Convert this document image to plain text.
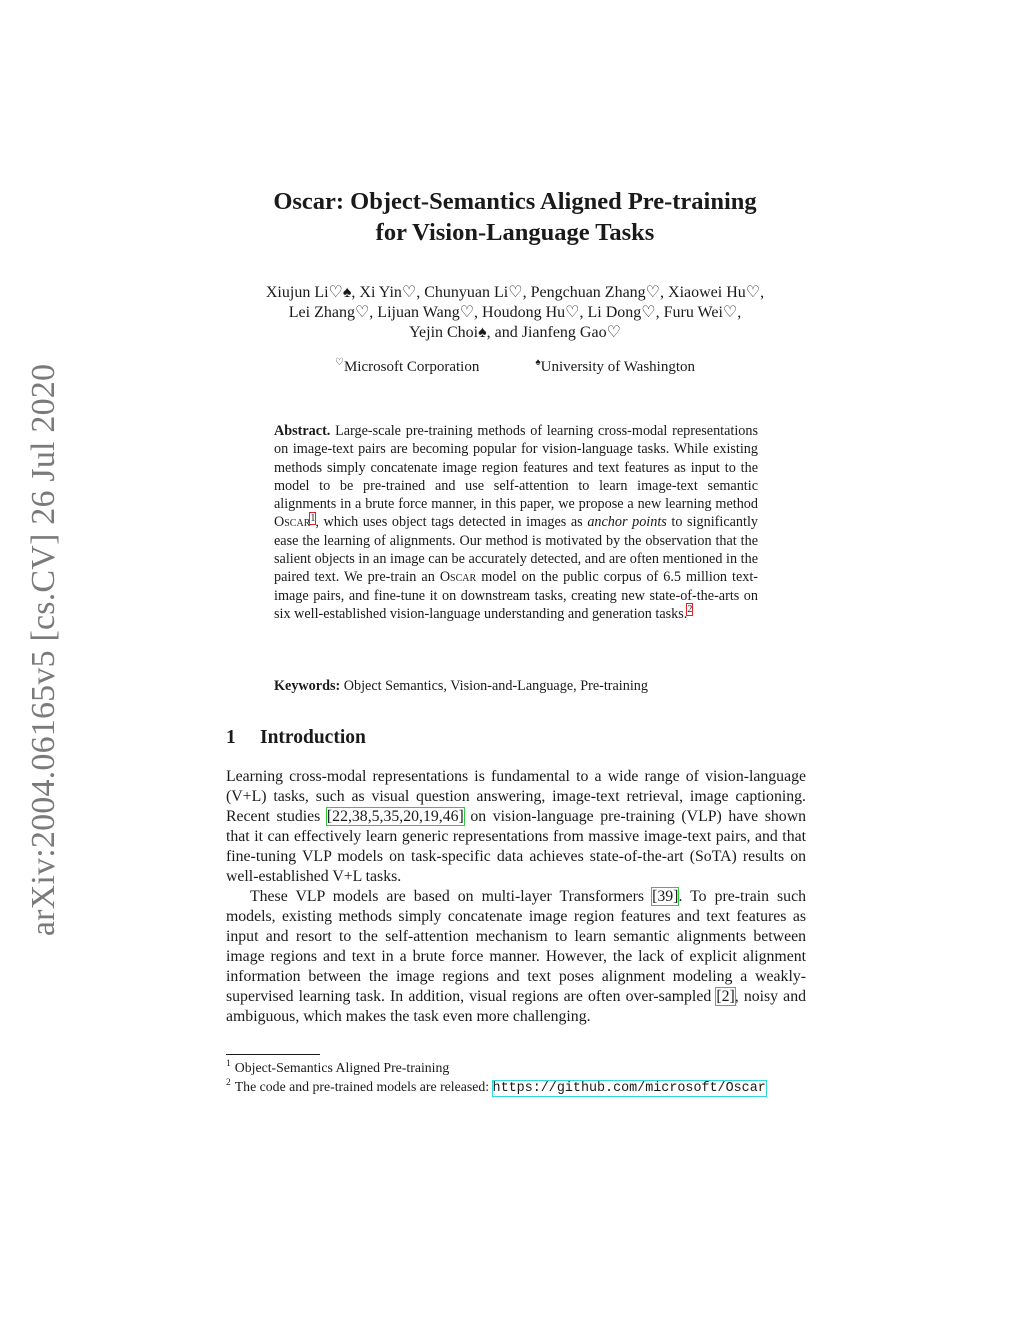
arXiv:2004.06165v5 [cs.CV] 26 Jul 2020
Oscar: Object-Semantics Aligned Pre-training
for Vision-Language Tasks
Xiujun Li♡♠, Xi Yin♡, Chunyuan Li♡, Pengchuan Zhang♡, Xiaowei Hu♡,
Lei Zhang♡, Lijuan Wang♡, Houdong Hu♡, Li Dong♡, Furu Wei♡,
Yejin Choi♠, and Jianfeng Gao♡
♡Microsoft Corporation	♠University of Washington
Abstract. Large-scale pre-training methods of learning cross-modal representations on image-text pairs are becoming popular for vision-language tasks. While existing methods simply concatenate image region features and text features as input to the model to be pre-trained and use self-attention to learn image-text semantic alignments in a brute force manner, in this paper, we propose a new learning method Oscar$^1$, which uses object tags detected in images as anchor points to significantly ease the learning of alignments. Our method is motivated by the observation that the salient objects in an image can be accurately detected, and are often mentioned in the paired text. We pre-train an Oscar model on the public corpus of 6.5 million text-image pairs, and fine-tune it on downstream tasks, creating new state-of-the-arts on six well-established vision-language understanding and generation tasks.$^2$
Keywords: Object Semantics, Vision-and-Language, Pre-training
1 Introduction

Learning cross-modal representations is fundamental to a wide range of vision-language (V+L) tasks, such as visual question answering, image-text retrieval, image captioning. Recent studies [22,38,5,35,20,19,46] on vision-language pre-training (VLP) have shown that it can effectively learn generic representations from massive image-text pairs, and that fine-tuning VLP models on task-specific data achieves state-of-the-art (SoTA) results on well-established V+L tasks.

These VLP models are based on multi-layer Transformers [39]. To pre-train such models, existing methods simply concatenate image region features and text features as input and resort to the self-attention mechanism to learn semantic alignments between image regions and text in a brute force manner. However, the lack of explicit alignment information between the image regions and text poses alignment modeling a weakly-supervised learning task. In addition, visual regions are often over-sampled [2], noisy and ambiguous, which makes the task even more challenging.

$^1$ Object-Semantics Aligned Pre-training

$^2$ The code and pre-trained models are released: https://github.com/microsoft/Oscar
